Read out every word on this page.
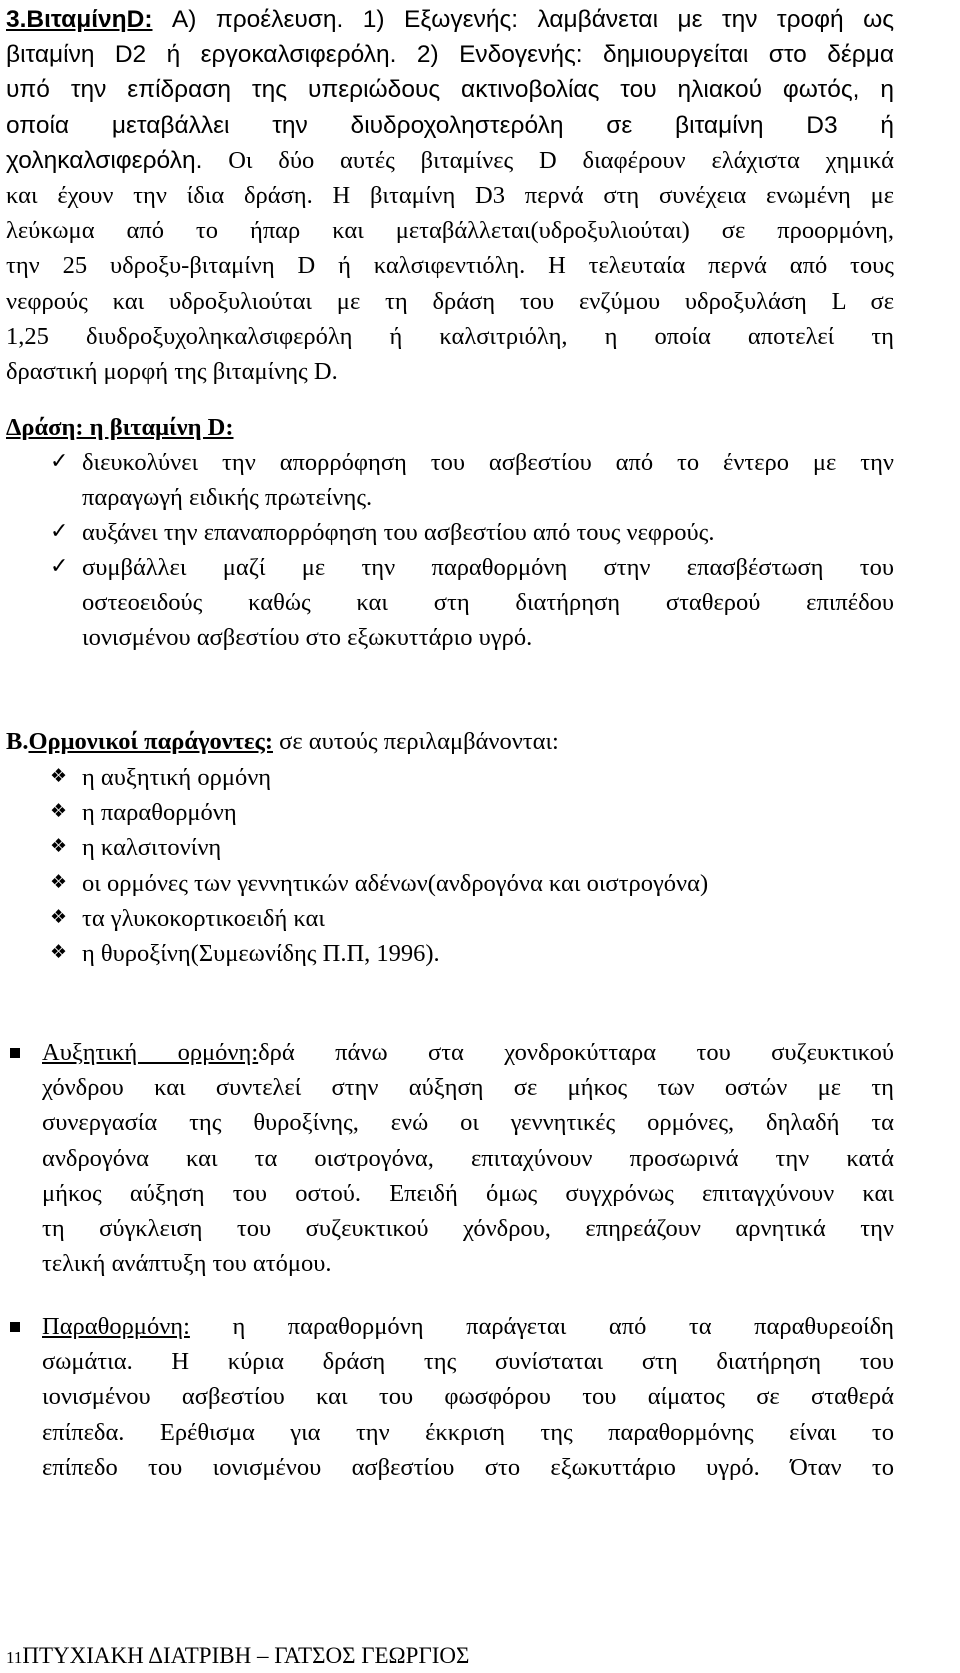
3.ΒιταμίνηD: Α) προέλευση. 1) Εξωγενής: λαμβάνεται με την τροφή ως
βιταμίνη D2 ή εργοκαλσιφερόλη. 2) Ενδογενής: δημιουργείται στο δέρμα
υπό την επίδραση της υπεριώδους ακτινοβολίας του ηλιακού φωτός, η
οποία μεταβάλλει την διυδροχοληστερόλη σε βιταμίνη D3 ή
χοληκαλσιφερόλη. Οι δύο αυτές βιταμίνες D διαφέρουν ελάχιστα χημικά
και έχουν την ίδια δράση. Η βιταμίνη D3 περνά στη συνέχεια ενωμένη με
λεύκωμα από το ήπαρ και μεταβάλλεται(υδροξυλιούται) σε προορμόνη,
την 25 υδροξυ-βιταμίνη D ή καλσιφεντιόλη. Η τελευταία περνά από τους
νεφρούς και υδροξυλιούται με τη δράση του ενζύμου υδροξυλάση L σε
1,25 διυδροξυχοληκαλσιφερόλη ή καλσιτριόλη, η οποία αποτελεί τη
δραστική μορφή της βιταμίνης D.
Δράση: η βιταμίνη D:
✓ διευκολύνει την απορρόφηση του ασβεστίου από το έντερο με την
παραγωγή ειδικής πρωτείνης.
✓ αυξάνει την επαναπορρόφηση του ασβεστίου από τους νεφρούς.
✓ συμβάλλει μαζί με την παραθορμόνη στην επασβέστωση του
οστεοειδούς καθώς και στη διατήρηση σταθερού επιπέδου
ιονισμένου ασβεστίου στο εξωκυττάριο υγρό.
Β.Ορμονικοί παράγοντες: σε αυτούς περιλαμβάνονται:
❖ η αυξητική ορμόνη
❖ η παραθορμόνη
❖ η καλσιτονίνη
❖ οι ορμόνες των γεννητικών αδένων(ανδρογόνα και οιστρογόνα)
❖ τα γλυκοκορτικοειδή και
❖ η θυροξίνη(Συμεωνίδης Π.Π, 1996).
Αυξητική ορμόνη:δρά πάνω στα χονδροκύτταρα του συζευκτικού
χόνδρου και συντελεί στην αύξηση σε μήκος των οστών με τη
συνεργασία της θυροξίνης, ενώ οι γεννητικές ορμόνες, δηλαδή τα
ανδρογόνα και τα οιστρογόνα, επιταχύνουν προσωρινά την κατά
μήκος αύξηση του οστού. Επειδή όμως συγχρόνως επιταγχύνουν και
τη σύγκλειση του συζευκτικού χόνδρου, επηρεάζουν αρνητικά την
τελική ανάπτυξη του ατόμου.
Παραθορμόνη: η παραθορμόνη παράγεται από τα παραθυρεοίδη
σωμάτια. Η κύρια δράση της συνίσταται στη διατήρηση του
ιονισμένου ασβεστίου και του φωσφόρου του αίματος σε σταθερά
επίπεδα. Ερέθισμα για την έκκριση της παραθορμόνης είναι το
επίπεδο του ιονισμένου ασβεστίου στο εξωκυττάριο υγρό. Όταν το
11ΠΤΥΧΙΑΚΗ ΔΙΑΤΡΙΒΗ – ΓΑΤΣΟΣ ΓΕΩΡΓΙΟΣ
